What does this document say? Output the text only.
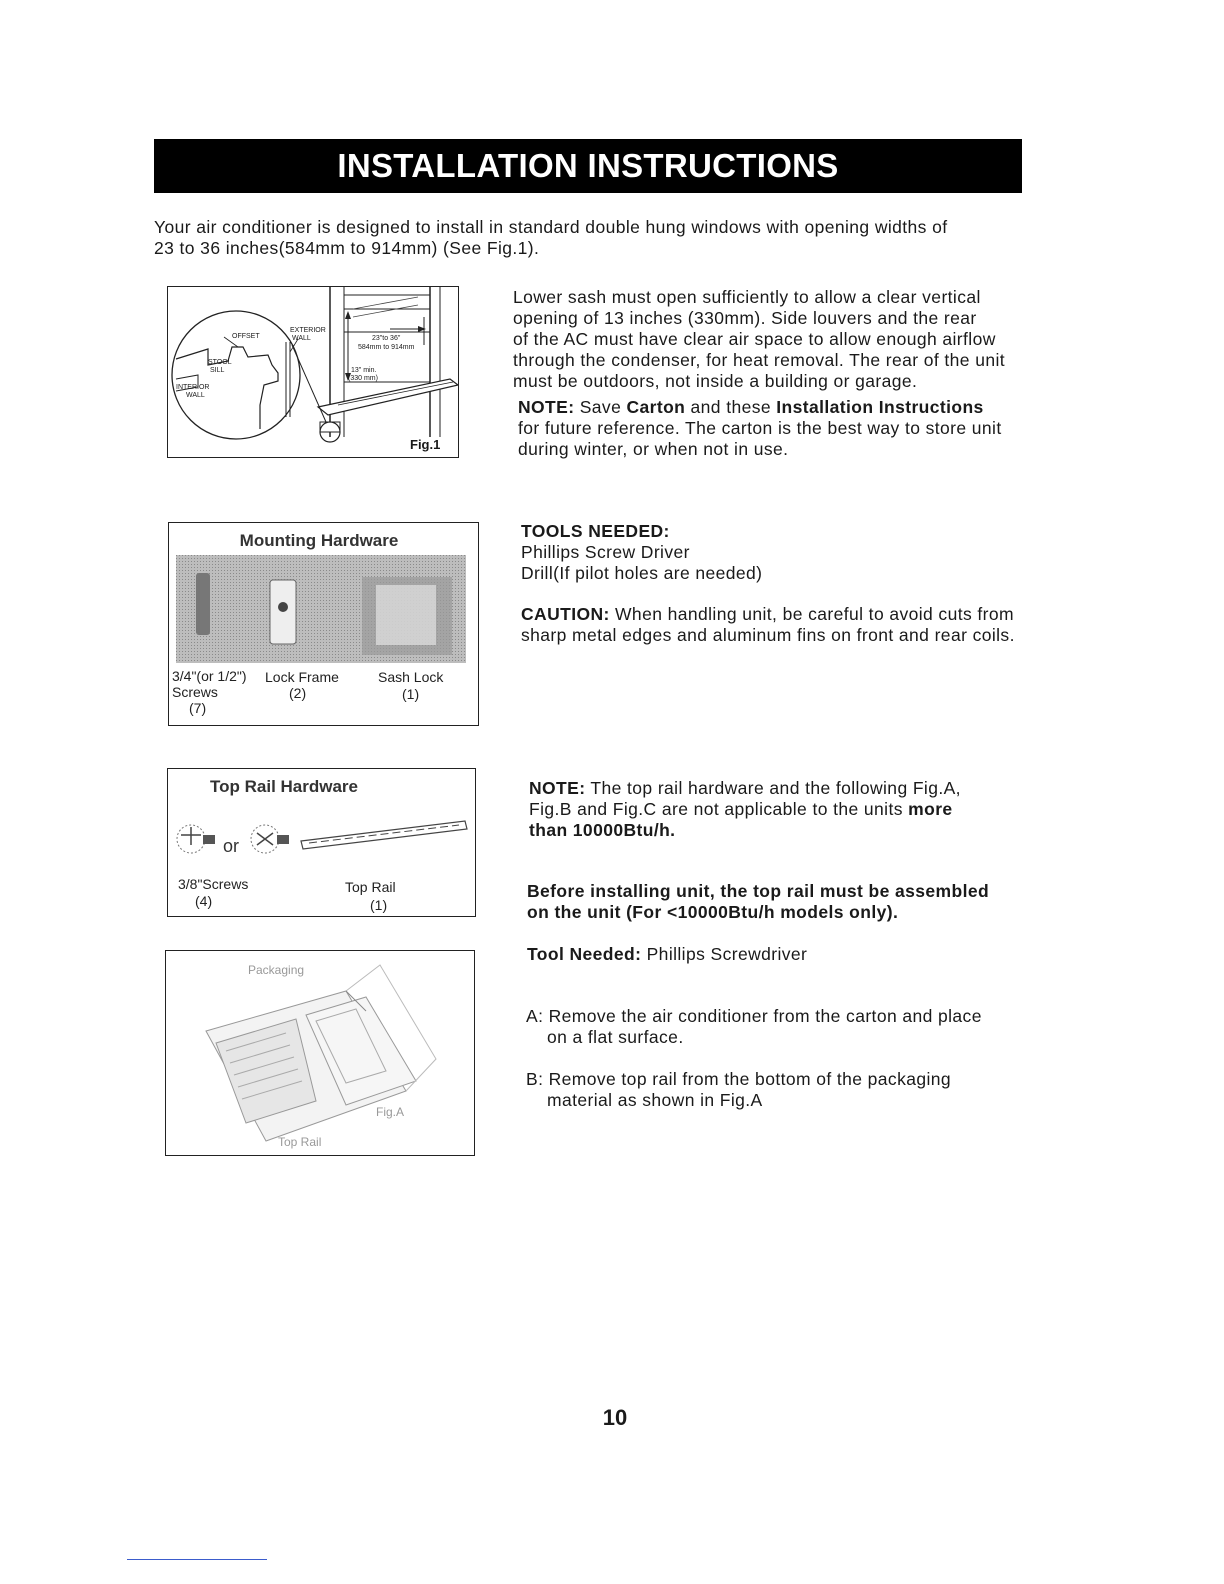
INSTALLATION INSTRUCTIONS
Your air conditioner is designed to install in standard double hung windows with opening widths of
23 to 36 inches(584mm to 914mm) (See Fig.1).
OFFSET
EXTERIOR
WALL
STOOL
SILL
INTERIOR
WALL
23"to 36"
584mm to 914mm
13" min.
(330 mm)
Fig.1
Lower sash must open sufficiently to allow a clear vertical
opening of 13 inches (330mm). Side louvers and the rear
of the AC must have clear air space to allow enough airflow
through the condenser, for heat removal. The rear of the unit
must be outdoors, not inside a building or garage.
NOTE: Save Carton and these Installation Instructions
for future reference. The carton is the best way to store unit
during winter, or when not in use.
Mounting Hardware
3/4"(or 1/2")
Screws
(7)
Lock Frame
(2)
Sash Lock
(1)
TOOLS NEEDED:
Phillips Screw Driver
Drill(If pilot holes are needed)
CAUTION: When handling unit, be careful to avoid cuts from
sharp metal edges and aluminum fins on front and rear coils.
Top Rail Hardware
or
3/8"Screws
(4)
Top Rail
(1)
NOTE: The top rail hardware and the following Fig.A,
Fig.B and Fig.C are not applicable to the units more
than 10000Btu/h.
Before installing unit, the top rail must be assembled
on the unit (For <10000Btu/h models only).
Tool Needed: Phillips Screwdriver
Packaging
Fig.A
Top Rail
A: Remove the air conditioner from the carton and place
on a flat surface.
B: Remove top rail from the bottom of the packaging
material as shown in Fig.A
10
